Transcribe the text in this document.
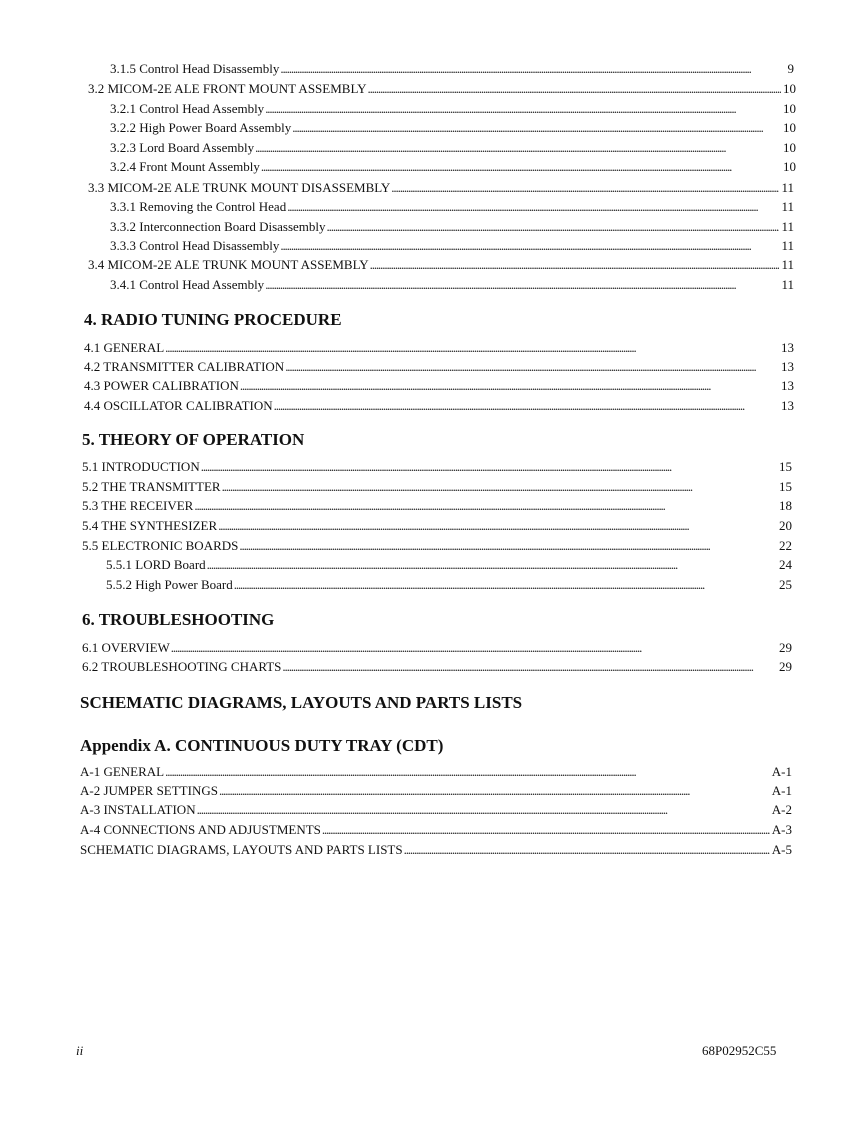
3.1.5 Control Head Disassembly . . .	9
3.2 MICOM-2E ALE FRONT MOUNT ASSEMBLY . . .	10
3.2.1 Control Head Assembly . . .	10
3.2.2 High Power Board Assembly . . .	10
3.2.3 Lord Board Assembly . . .	10
3.2.4 Front Mount Assembly . . .	10
3.3 MICOM-2E ALE TRUNK MOUNT DISASSEMBLY . . .	11
3.3.1 Removing the Control Head . . .	11
3.3.2 Interconnection Board Disassembly . . .	11
3.3.3 Control Head Disassembly . . .	11
3.4 MICOM-2E ALE TRUNK MOUNT ASSEMBLY . . .	11
3.4.1 Control Head Assembly . . .	11
4. RADIO TUNING PROCEDURE
4.1 GENERAL . . .	13
4.2 TRANSMITTER CALIBRATION . . .	13
4.3 POWER CALIBRATION . . .	13
4.4 OSCILLATOR CALIBRATION . . .	13
5. THEORY OF OPERATION
5.1 INTRODUCTION . . .	15
5.2 THE TRANSMITTER . . .	15
5.3 THE RECEIVER . . .	18
5.4 THE SYNTHESIZER . . .	20
5.5 ELECTRONIC BOARDS . . .	22
5.5.1 LORD Board . . .	24
5.5.2 High Power Board . . .	25
6. TROUBLESHOOTING
6.1 OVERVIEW . . .	29
6.2 TROUBLESHOOTING CHARTS . . .	29
SCHEMATIC DIAGRAMS, LAYOUTS AND PARTS LISTS
Appendix A. CONTINUOUS DUTY TRAY (CDT)
A-1 GENERAL . . .	A-1
A-2 JUMPER SETTINGS . . .	A-1
A-3 INSTALLATION . . .	A-2
A-4 CONNECTIONS AND ADJUSTMENTS . . .	A-3
SCHEMATIC DIAGRAMS, LAYOUTS AND PARTS LISTS . . .	A-5
ii	68P02952C55
